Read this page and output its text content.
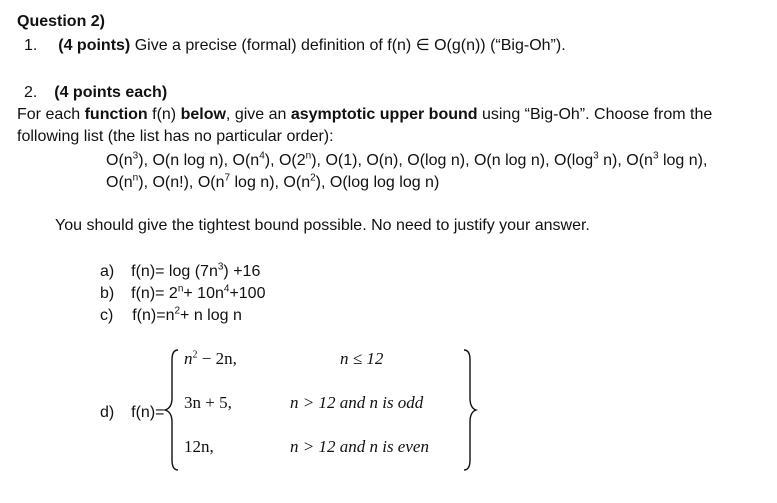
Question 2)
1. (4 points) Give a precise (formal) definition of f(n) ∈ O(g(n)) (“Big-Oh”).
2. (4 points each)
For each function f(n) below, give an asymptotic upper bound using “Big-Oh”. Choose from the
following list (the list has no particular order):
$O(n^3)$, O(n log n), $O(n^4)$, O(2$^n$), O(1), O(n), O(log n), O(n log n), $O(\log^3$ n), $O(n^3$ log n),
$O(n^n)$, O(n!), $O(n^7$ log n), $O(n^2)$, O(log log log n)
You should give the tightest bound possible. No need to justify your answer.
a) $f(n)= \log (7n^3) +16$
b) $f(n)= 2^n+ 10n^4+100$
c) $f(n)=n^2+ n$ log n
d) f(n)=
$n^2 - 2n$,	n ≤ 12
3n + 5,	n > 12 and n is odd
12n,	n > 12 and n is even
